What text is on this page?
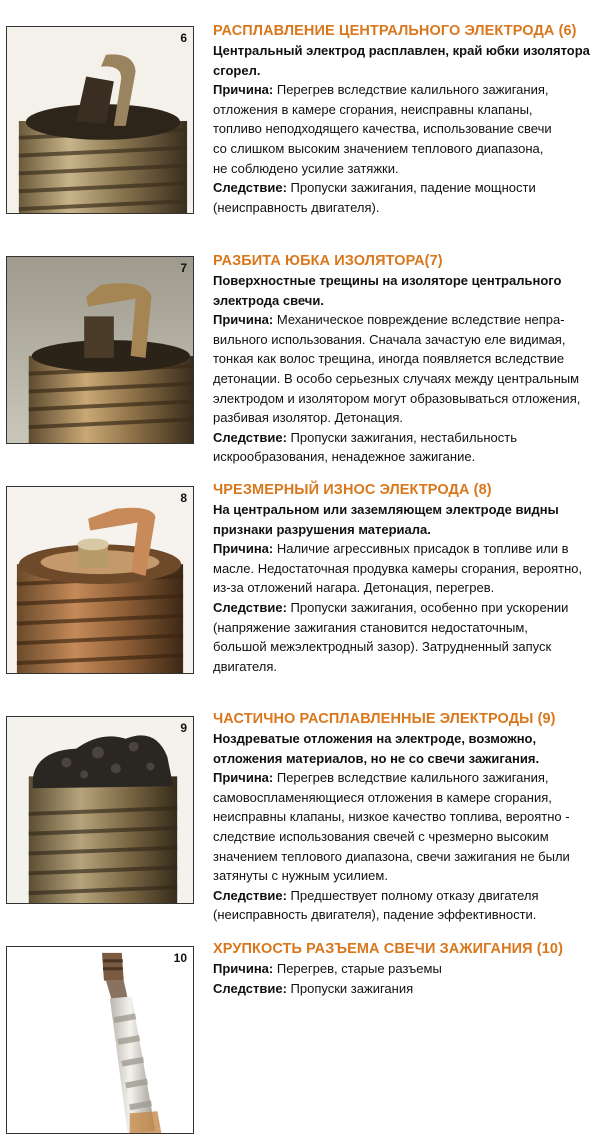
6 РАСПЛАВЛЕНИЕ ЦЕНТРАЛЬНОГО ЭЛЕКТРОДА (6)

Центральный электрод расплавлен, край юбки изолятора

сгорел.

Причина: Перегрев вследствие калильного зажигания,

отложения в камере сгорания, неисправны клапаны,

топливо неподходящего качества, использование свечи

со слишком высоким значением теплового диапазона,

не соблюдено усилие затяжки.

Следствие: Пропуски зажигания, падение мощности

(неисправность двигателя).

7 РАЗБИТА ЮБКА ИЗОЛЯТОРА(7)

Поверхностные трещины на изоляторе центрального

электрода свечи.

Причина: Механическое повреждение вследствие непра-

вильного использования. Сначала зачастую еле видимая,

тонкая как волос трещина, иногда появляется вследствие

детонации. В особо серьезных случаях между центральным

электродом и изолятором могут образовываться отложения,

разбивая изолятор. Детонация.

Следствие: Пропуски зажигания, нестабильность

искрообразования, ненадежное зажигание.

8 ЧРЕЗМЕРНЫЙ ИЗНОС ЭЛЕКТРОДА (8)

На центральном или заземляющем электроде видны

признаки разрушения материала.

Причина: Наличие агрессивных присадок в топливе или в

масле. Недостаточная продувка камеры сгорания, вероятно,

из-за отложений нагара. Детонация, перегрев.

Следствие: Пропуски зажигания, особенно при ускорении

(напряжение зажигания становится недостаточным,

большой межэлектродный зазор). Затрудненный запуск

двигателя.

9

ЧАСТИЧНО РАСПЛАВЛЕННЫЕ ЭЛЕКТРОДЫ (9)

Ноздреватые отложения на электроде, возможно,

отложения материалов, но не со свечи зажигания.

Причина: Перегрев вследствие калильного зажигания,

самовоспламеняющиеся отложения в камере сгорания,

неисправны клапаны, низкое качество топлива, вероятно -

следствие использования свечей с чрезмерно высоким

значением теплового диапазона, свечи зажигания не были

затянуты с нужным усилием.

Следствие: Предшествует полному отказу двигателя

(неисправность двигателя), падение эффективности.

10

ХРУПКОСТЬ РАЗЪЕМА СВЕЧИ ЗАЖИГАНИЯ (10)

Причина: Перегрев, старые разъемы

Следствие: Пропуски зажигания
